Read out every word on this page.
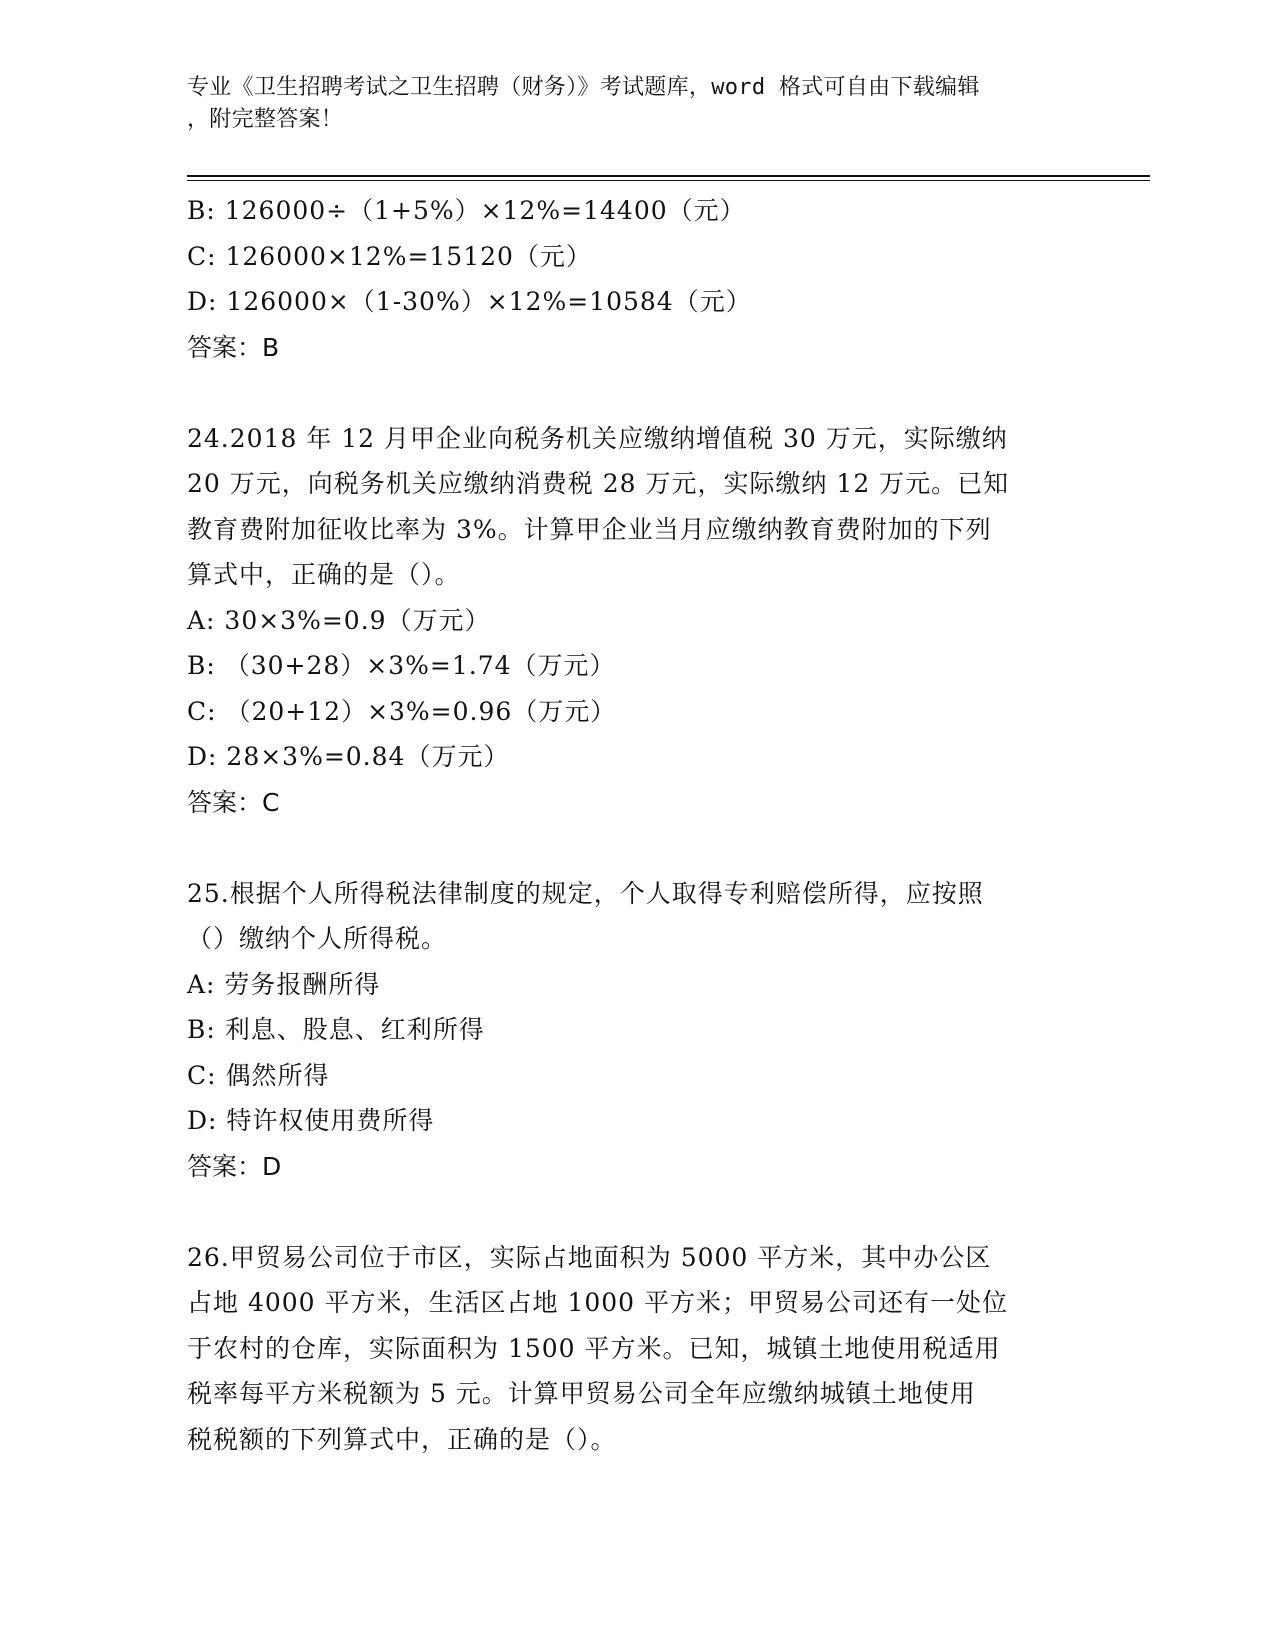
专业《卫生招聘考试之卫生招聘（财务）》考试题库，word 格式可自由下载编辑
，附完整答案！
B: 126000÷（1+5%）×12%=14400（元）
C: 126000×12%=15120（元）
D: 126000×（1-30%）×12%=10584（元）
答案：B
24.2018 年 12 月甲企业向税务机关应缴纳增值税 30 万元，实际缴纳
20 万元，向税务机关应缴纳消费税 28 万元，实际缴纳 12 万元。已知
教育费附加征收比率为 3%。计算甲企业当月应缴纳教育费附加的下列
算式中，正确的是（）。
A: 30×3%=0.9（万元）
B: （30+28）×3%=1.74（万元）
C: （20+12）×3%=0.96（万元）
D: 28×3%=0.84（万元）
答案：C
25.根据个人所得税法律制度的规定，个人取得专利赔偿所得，应按照
（）缴纳个人所得税。
A: 劳务报酬所得
B: 利息、股息、红利所得
C: 偶然所得
D: 特许权使用费所得
答案：D
26.甲贸易公司位于市区，实际占地面积为 5000 平方米，其中办公区
占地 4000 平方米，生活区占地 1000 平方米；甲贸易公司还有一处位
于农村的仓库，实际面积为 1500 平方米。已知，城镇土地使用税适用
税率每平方米税额为 5 元。计算甲贸易公司全年应缴纳城镇土地使用
税税额的下列算式中，正确的是（）。
